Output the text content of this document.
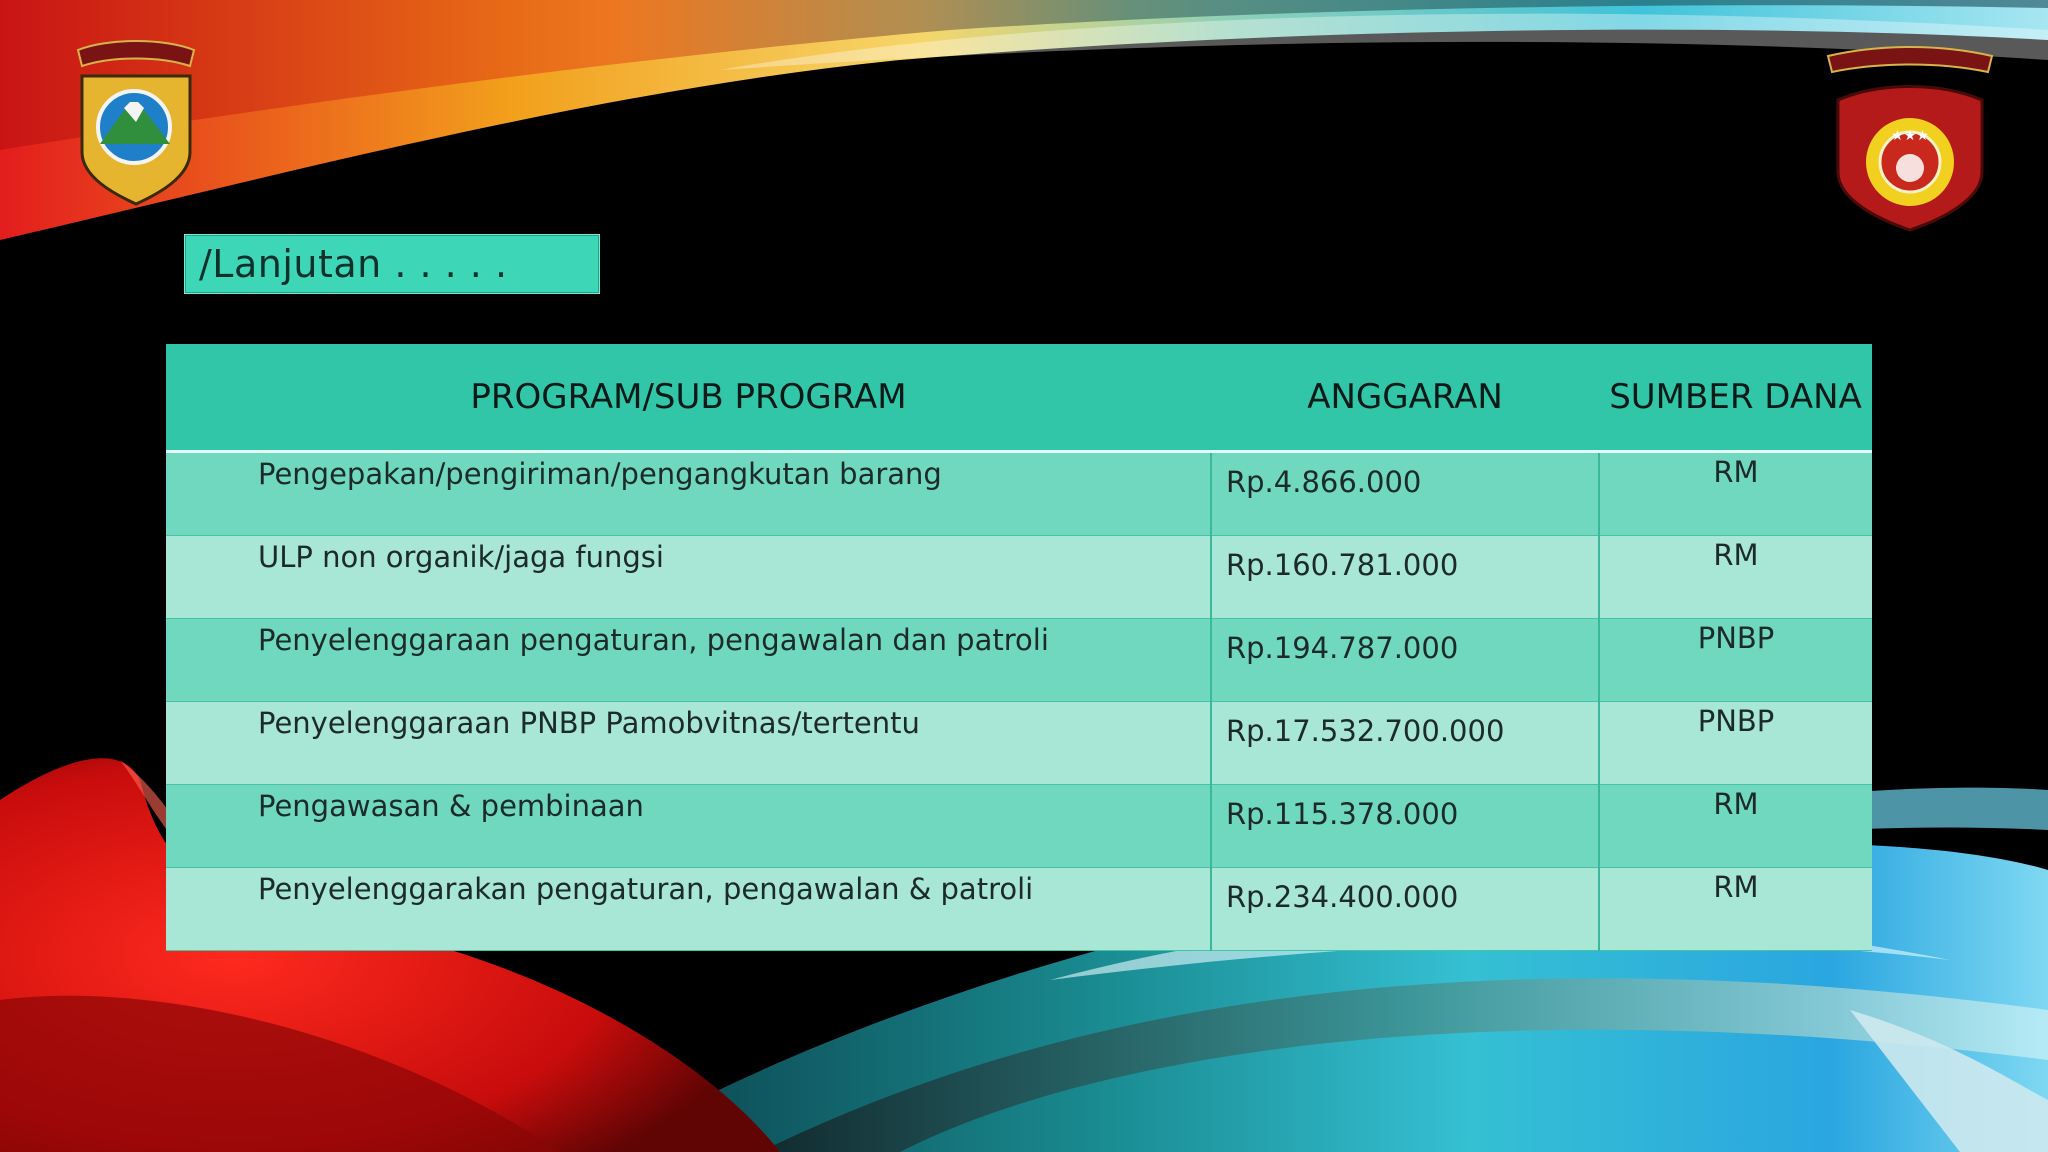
★★★
/Lanjutan . . . . .
PROGRAM/SUB PROGRAM	ANGGARAN	SUMBER DANA
Pengepakan/pengiriman/pengangkutan barang	Rp.4.866.000	RM
ULP non organik/jaga fungsi	Rp.160.781.000	RM
Penyelenggaraan pengaturan, pengawalan dan patroli	Rp.194.787.000	PNBP
Penyelenggaraan PNBP Pamobvitnas/tertentu	Rp.17.532.700.000	PNBP
Pengawasan & pembinaan	Rp.115.378.000	RM
Penyelenggarakan pengaturan, pengawalan & patroli	Rp.234.400.000	RM
